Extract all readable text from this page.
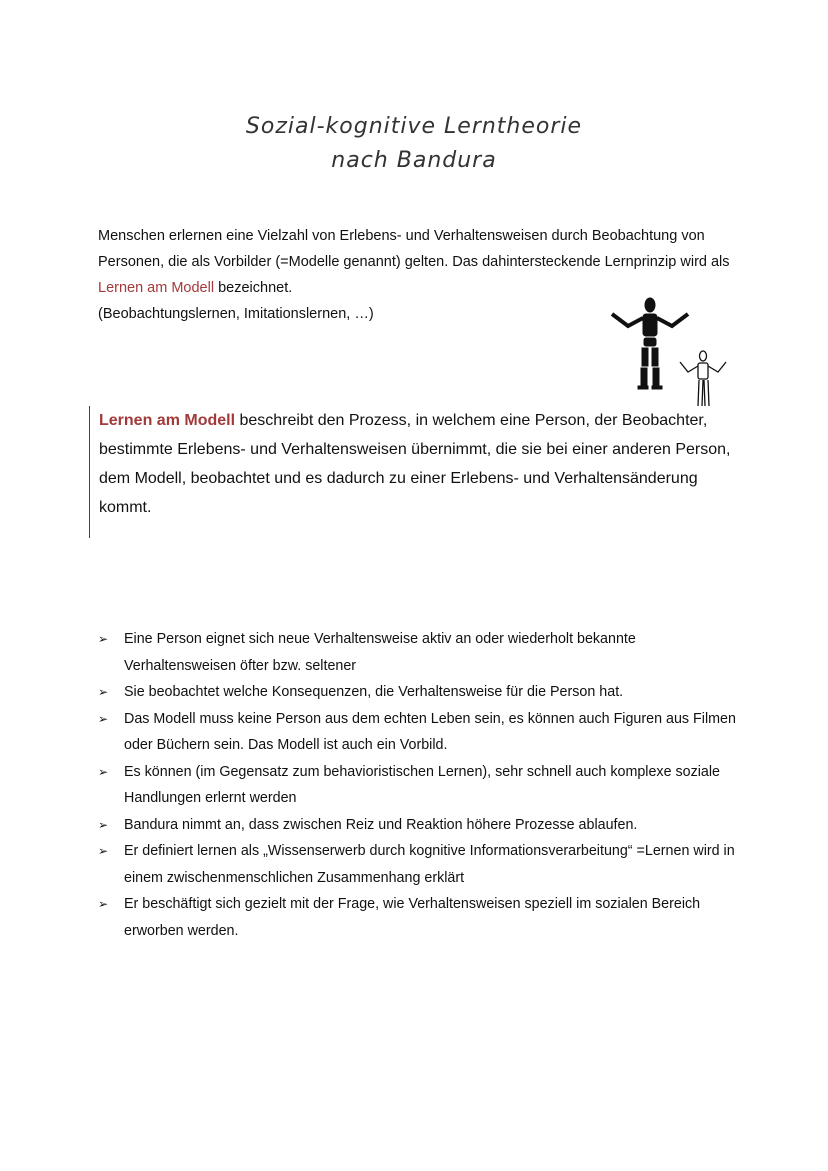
Sozial-kognitive Lerntheorie
nach Bandura
Menschen erlernen eine Vielzahl von Erlebens- und Verhaltensweisen durch Beobachtung von Personen, die als Vorbilder (=Modelle genannt) gelten. Das dahintersteckende Lernprinzip wird als Lernen am Modell bezeichnet.
(Beobachtungslernen, Imitationslernen, …)
Lernen am Modell beschreibt den Prozess, in welchem eine Person, der Beobachter, bestimmte Erlebens- und Verhaltensweisen übernimmt, die sie bei einer anderen Person, dem Modell, beobachtet und es dadurch zu einer Erlebens- und Verhaltensänderung kommt.
➢ Eine Person eignet sich neue Verhaltensweise aktiv an oder wiederholt bekannte Verhaltensweisen öfter bzw. seltener
➢ Sie beobachtet welche Konsequenzen, die Verhaltensweise für die Person hat.
➢ Das Modell muss keine Person aus dem echten Leben sein, es können auch Figuren aus Filmen oder Büchern sein. Das Modell ist auch ein Vorbild.
➢ Es können (im Gegensatz zum behavioristischen Lernen), sehr schnell auch komplexe soziale Handlungen erlernt werden
➢ Bandura nimmt an, dass zwischen Reiz und Reaktion höhere Prozesse ablaufen.
➢ Er definiert lernen als „Wissenserwerb durch kognitive Informationsverarbeitung“ =Lernen wird in einem zwischenmenschlichen Zusammenhang erklärt
➢ Er beschäftigt sich gezielt mit der Frage, wie Verhaltensweisen speziell im sozialen Bereich erworben werden.
